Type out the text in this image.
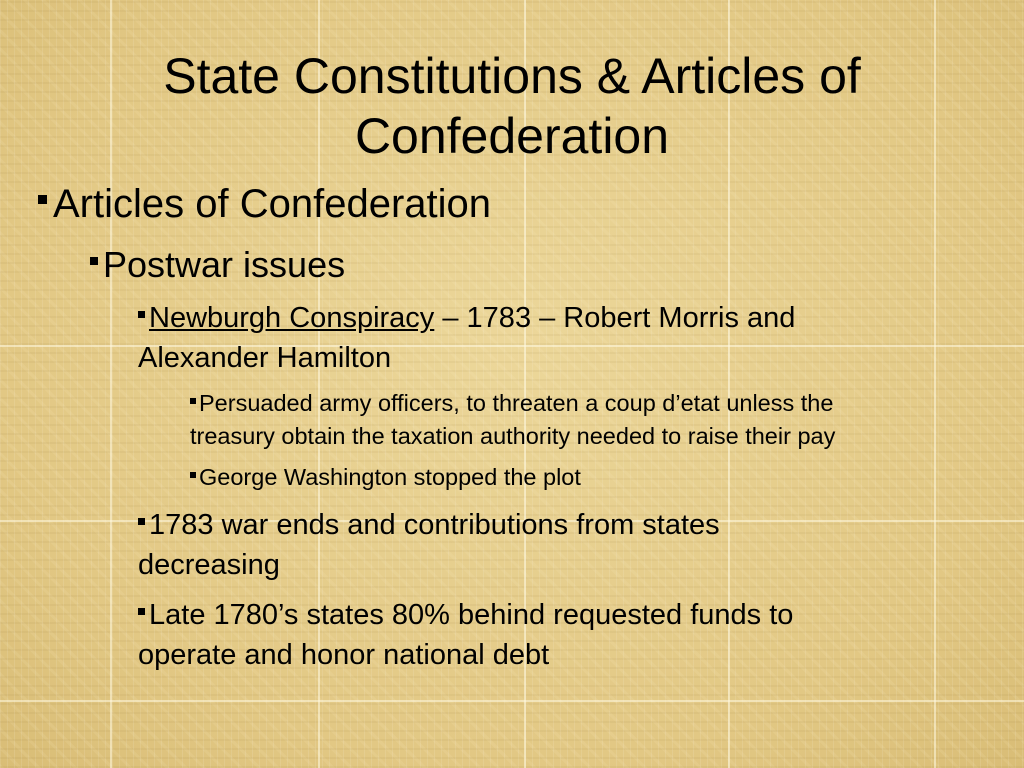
State Constitutions & Articles of
Confederation
Articles of Confederation
Postwar issues
Newburgh Conspiracy – 1783 – Robert Morris and
Alexander Hamilton
Persuaded army officers, to threaten a coup d’etat unless the
treasury obtain the taxation authority needed to raise their pay
George Washington stopped the plot
1783 war ends and contributions from states
decreasing
Late 1780’s states 80% behind requested funds to
operate and honor national debt
